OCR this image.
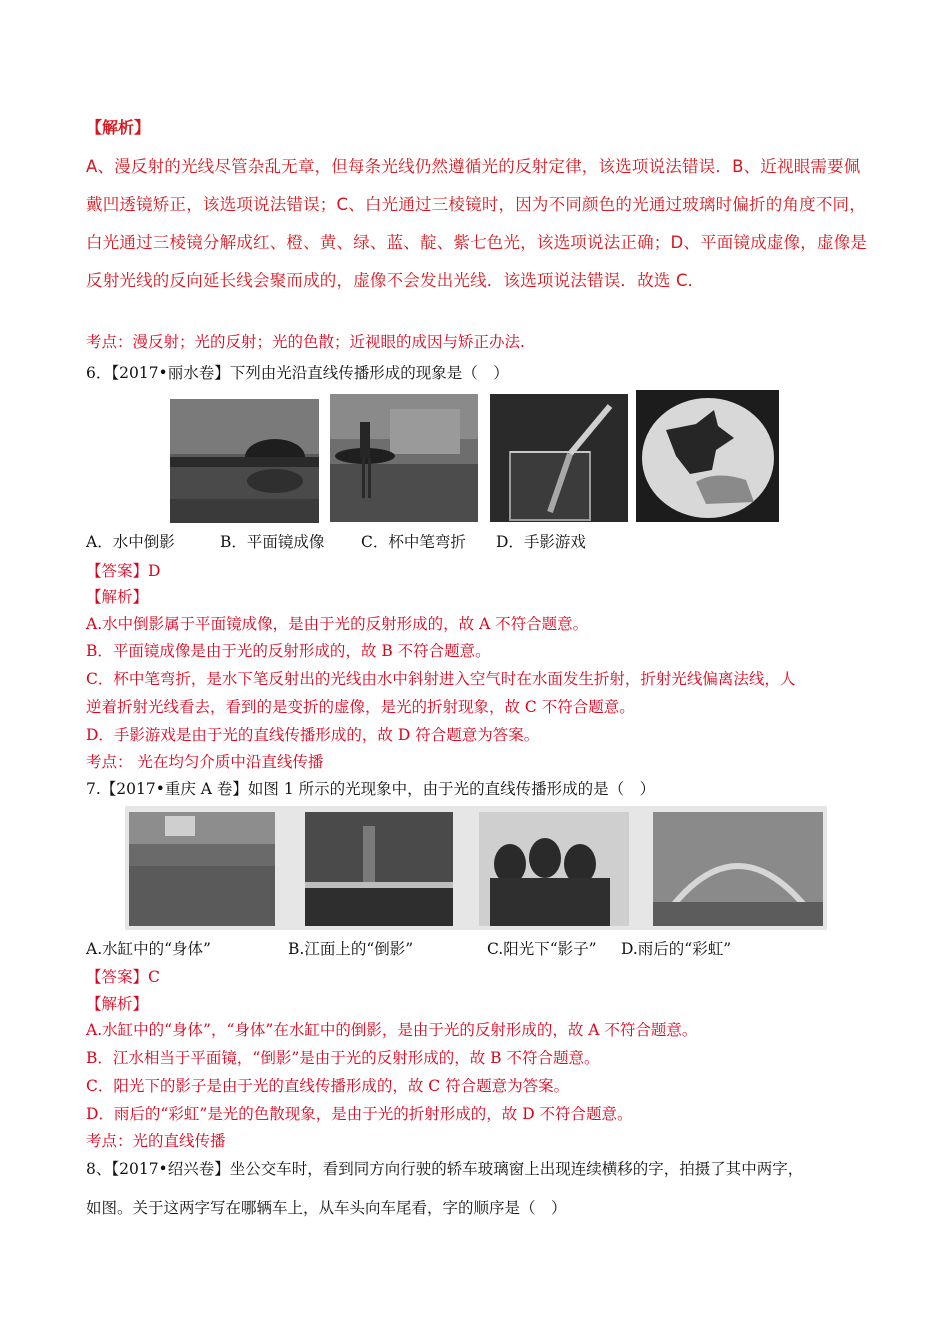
【解析】
A、漫反射的光线尽管杂乱无章，但每条光线仍然遵循光的反射定律，该选项说法错误．B、近视眼需要佩
戴凹透镜矫正，该选项说法错误；C、白光通过三棱镜时，因为不同颜色的光通过玻璃时偏折的角度不同，
白光通过三棱镜分解成红、橙、黄、绿、蓝、靛、紫七色光，该选项说法正确；D、平面镜成虚像，虚像是
反射光线的反向延长线会聚而成的，虚像不会发出光线．该选项说法错误．故选 C．
考点：漫反射；光的反射；光的色散；近视眼的成因与矫正办法.
6．【2017•丽水卷】下列由光沿直线传播形成的现象是（　）
A．水中倒影	B．平面镜成像 C．杯中笔弯折 D．手影游戏
【答案】D
【解析】
A.水中倒影属于平面镜成像，是由于光的反射形成的，故 A 不符合题意。
B．平面镜成像是由于光的反射形成的，故 B 不符合题意。
C．杯中笔弯折，是水下笔反射出的光线由水中斜射进入空气时在水面发生折射，折射光线偏离法线，人
逆着折射光线看去，看到的是变折的虚像，是光的折射现象，故 C 不符合题意。
D．手影游戏是由于光的直线传播形成的，故 D 符合题意为答案。
考点： 光在均匀介质中沿直线传播
7.【2017•重庆 A 卷】如图 1 所示的光现象中，由于光的直线传播形成的是（　）
A.水缸中的“身体”	B.江面上的“倒影”	C.阳光下“影子” D.雨后的“彩虹”
【答案】C
【解析】
A.水缸中的“身体”，“身体”在水缸中的倒影，是由于光的反射形成的，故 A 不符合题意。
B．江水相当于平面镜，“倒影”是由于光的反射形成的，故 B 不符合题意。
C．阳光下的影子是由于光的直线传播形成的，故 C 符合题意为答案。
D．雨后的“彩虹”是光的色散现象，是由于光的折射形成的，故 D 不符合题意。
考点：光的直线传播
8、【2017•绍兴卷】坐公交车时，看到同方向行驶的轿车玻璃窗上出现连续横移的字，拍摄了其中两字，
如图。关于这两字写在哪辆车上，从车头向车尾看，字的顺序是（　）
